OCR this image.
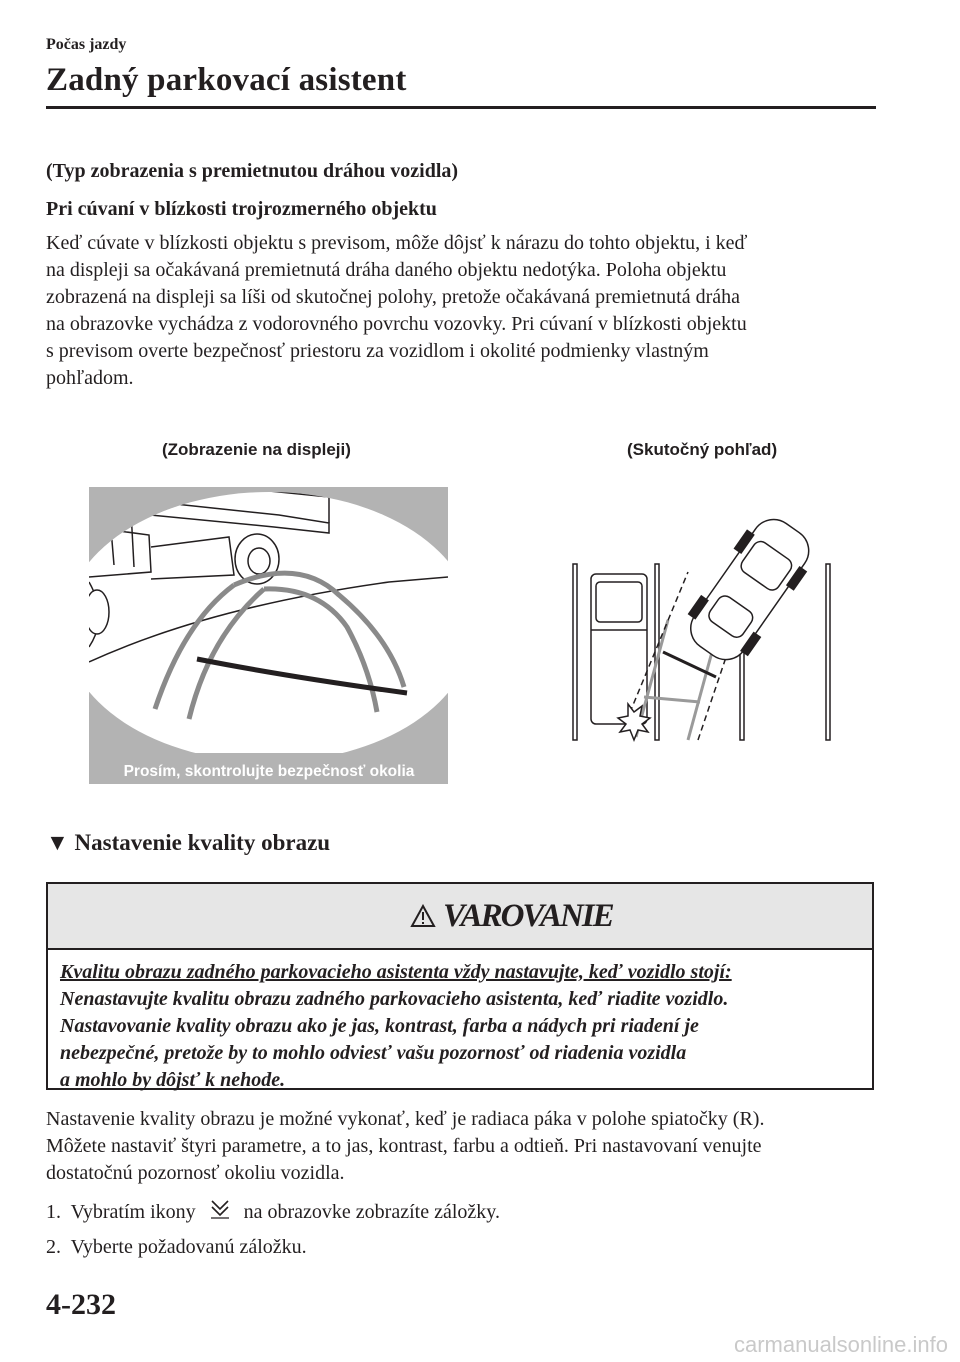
Počas jazdy
Zadný parkovací asistent
(Typ zobrazenia s premietnutou dráhou vozidla)
Pri cúvaní v blízkosti trojrozmerného objektu
Keď cúvate v blízkosti objektu s previsom, môže dôjsť k nárazu do tohto objektu, i keď
na displeji sa očakávaná premietnutá dráha daného objektu nedotýka. Poloha objektu
zobrazená na displeji sa líši od skutočnej polohy, pretože očakávaná premietnutá dráha
na obrazovke vychádza z vodorovného povrchu vozovky. Pri cúvaní v blízkosti objektu
s previsom overte bezpečnosť priestoru za vozidlom i okolité podmienky vlastným
pohľadom.
(Zobrazenie na displeji)	(Skutočný pohľad)
Prosím, skontrolujte bezpečnosť okolia
▼ Nastavenie kvality obrazu
VAROVANIE
Kvalitu obrazu zadného parkovacieho asistenta vždy nastavujte, keď vozidlo stojí:
Nenastavujte kvalitu obrazu zadného parkovacieho asistenta, keď riadite vozidlo.
Nastavovanie kvality obrazu ako je jas, kontrast, farba a nádych pri riadení je
nebezpečné, pretože by to mohlo odviesť vašu pozornosť od riadenia vozidla
a mohlo by dôjsť k nehode.
Nastavenie kvality obrazu je možné vykonať, keď je radiaca páka v polohe spiatočky (R).
Môžete nastaviť štyri parametre, a to jas, kontrast, farbu a odtieň. Pri nastavovaní venujte
dostatočnú pozornosť okoliu vozidla.
1. Vybratím ikony na obrazovke zobrazíte záložky.
2. Vyberte požadovanú záložku.
4-232
carmanualsonline.info
